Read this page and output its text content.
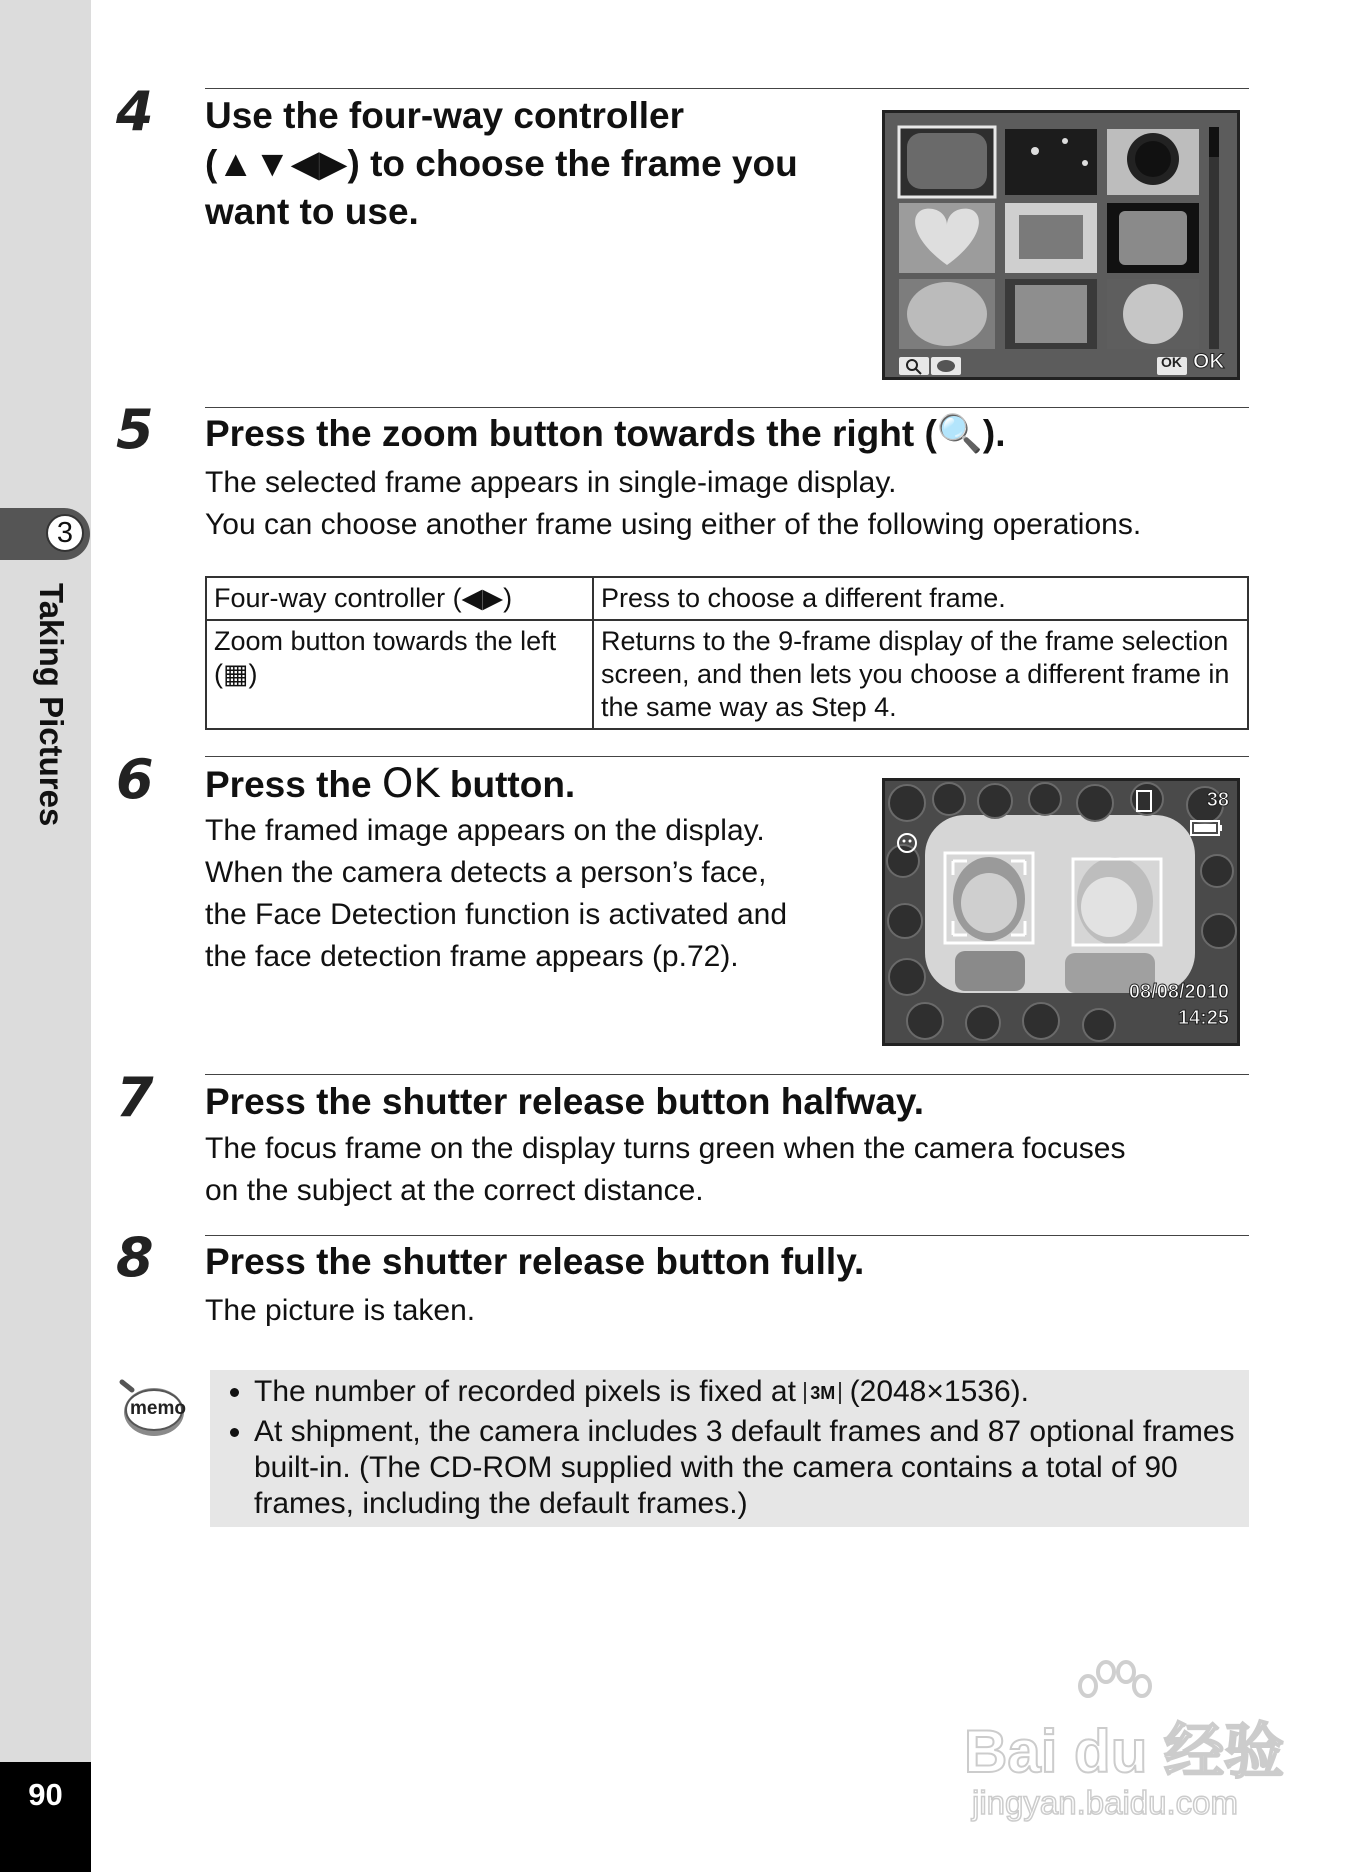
3
Taking Pictures
90
4 Use the four-way controller
(▲▼◀▶) to choose the frame you
want to use.
OK OK
5 Press the zoom button towards the right (🔍).
The selected frame appears in single-image display.
You can choose another frame using either of the following operations.
Four-way controller (◀▶)	Press to choose a different frame.
Zoom button towards the left (▦)	Returns to the 9-frame display of the frame selection screen, and then lets you choose a different frame in the same way as Step 4.
6 Press the OK button.
The framed image appears on the display.
When the camera detects a person’s face,
the Face Detection function is activated and
the face detection frame appears (p.72).
38
08/08/2010
14:25
7 Press the shutter release button halfway.
The focus frame on the display turns green when the camera focuses
on the subject at the correct distance.
8 Press the shutter release button fully.
The picture is taken.
memo
• The number of recorded pixels is fixed at 3M (2048×1536).
• At shipment, the camera includes 3 default frames and 87 optional frames built-in. (The CD-ROM supplied with the camera contains a total of 90 frames, including the default frames.)
Bai du 经验
jingyan.baidu.com
